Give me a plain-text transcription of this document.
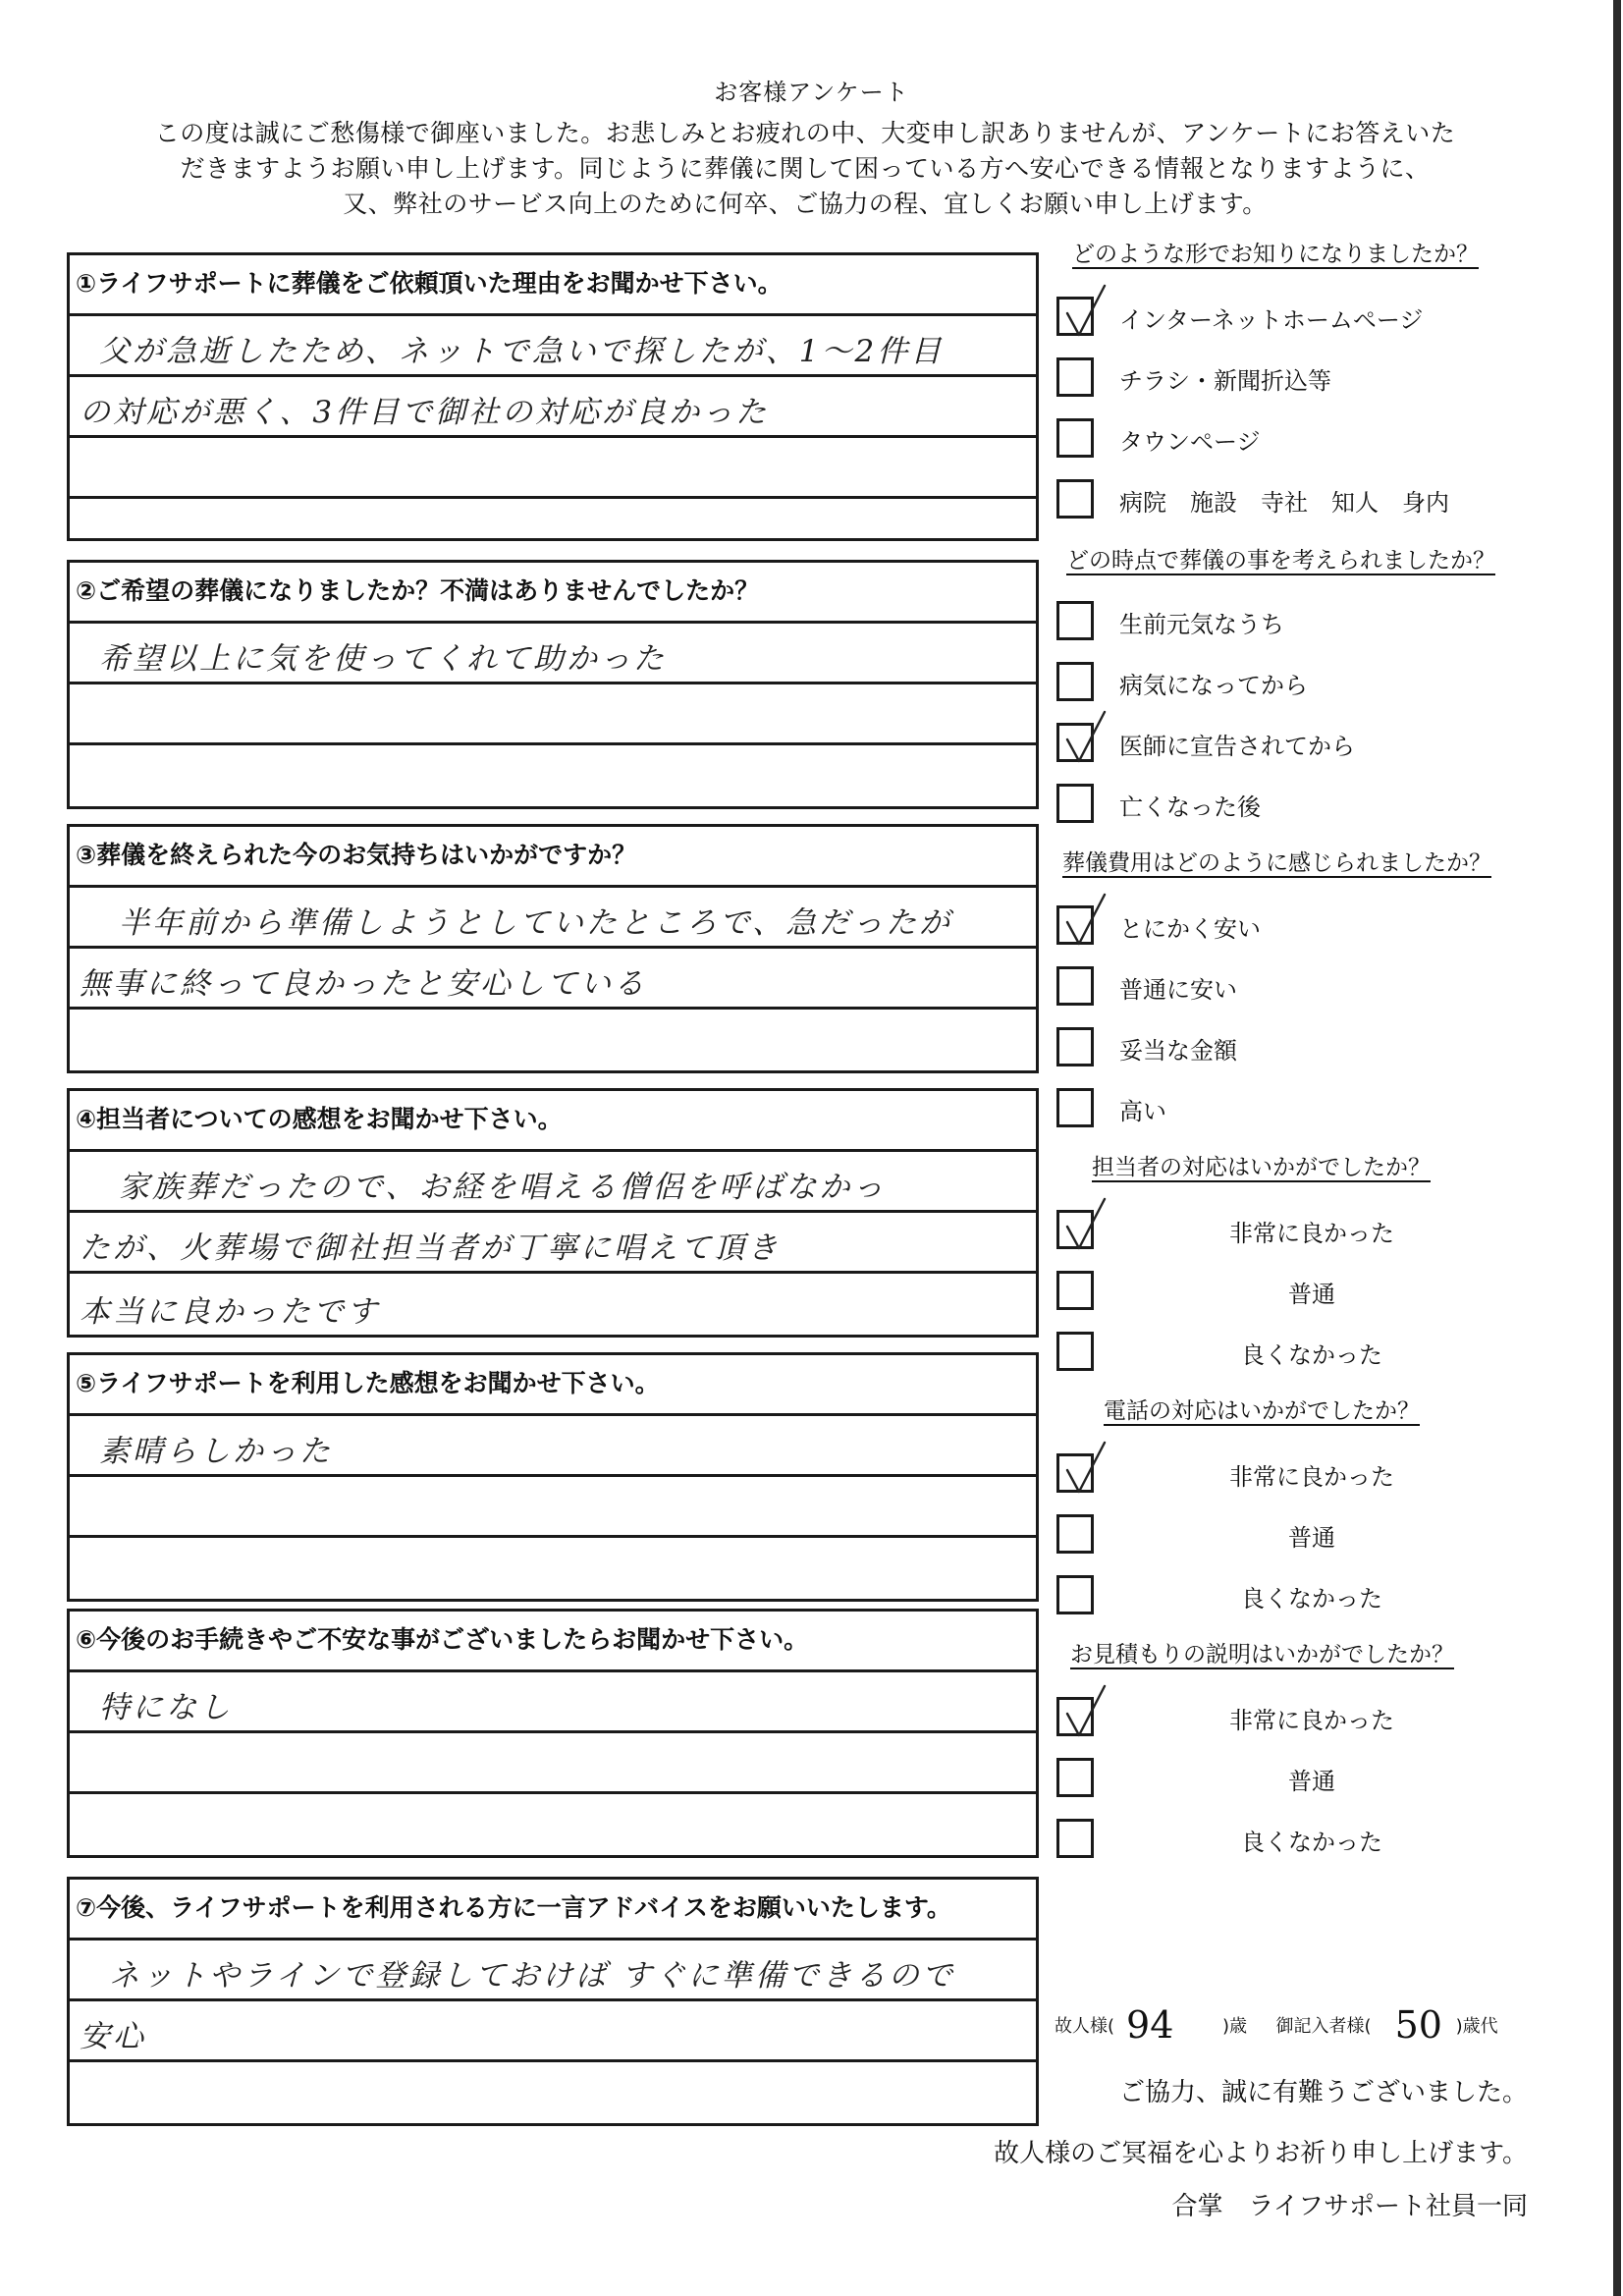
お客様アンケート
この度は誠にご愁傷様で御座いました。お悲しみとお疲れの中、大変申し訳ありませんが、アンケートにお答えいた
だきますようお願い申し上げます。同じように葬儀に関して困っている方へ安心できる情報となりますように、
又、弊社のサービス向上のために何卒、ご協力の程、宜しくお願い申し上げます。
①ライフサポートに葬儀をご依頼頂いた理由をお聞かせ下さい。
父が急逝したため、ネットで急いで探したが、1～2件目
の対応が悪く、3件目で御社の対応が良かった
②ご希望の葬儀になりましたか？不満はありませんでしたか？
希望以上に気を使ってくれて助かった
③葬儀を終えられた今のお気持ちはいかがですか？
半年前から準備しようとしていたところで、急だったが
無事に終って良かったと安心している
④担当者についての感想をお聞かせ下さい。
家族葬だったので、お経を唱える僧侶を呼ばなかっ
たが、火葬場で御社担当者が丁寧に唱えて頂き
本当に良かったです
⑤ライフサポートを利用した感想をお聞かせ下さい。
素晴らしかった
⑥今後のお手続きやご不安な事がございましたらお聞かせ下さい。
特になし
⑦今後、ライフサポートを利用される方に一言アドバイスをお願いいたします。
ネットやラインで登録しておけば すぐに準備できるので
安心
どのような形でお知りになりましたか？
インターネットホームページ
チラシ・新聞折込等
タウンページ
病院　施設　寺社　知人　身内
どの時点で葬儀の事を考えられましたか？
生前元気なうち
病気になってから
医師に宣告されてから
亡くなった後
葬儀費用はどのように感じられましたか？
とにかく安い
普通に安い
妥当な金額
高い
担当者の対応はいかがでしたか？
非常に良かった
普通
良くなかった
電話の対応はいかがでしたか？
非常に良かった
普通
良くなかった
お見積もりの説明はいかがでしたか？
非常に良かった
普通
良くなかった
故人様( 94	)歳 御記入者様( 50 )歳代
ご協力、誠に有難うございました。
故人様のご冥福を心よりお祈り申し上げます。
合掌　ライフサポート社員一同
